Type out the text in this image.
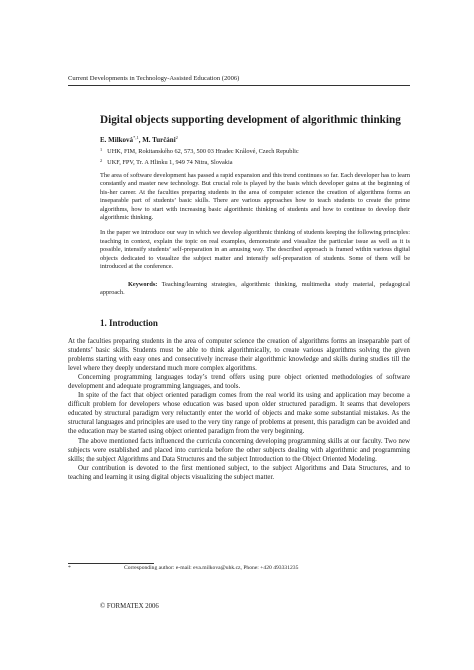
Current Developments in Technology-Assisted Education (2006)
Digital objects supporting development of algorithmic thinking
E. Milková$^{*,1}$, M. Turčáni$^2$
$^1$ UHK, FIM, Rokitanského 62, 573, 500 03 Hradec Králové, Czech Republic
$^2$ UKF, FPV, Tr. A Hlinku 1, 949 74 Nitra, Slovakia

The area of software development has passed a rapid expansion and this trend continues so far. Each developer has to learn constantly and master new technology. But crucial role is played by the basis which developer gains at the beginning of his-her career. At the faculties preparing students in the area of computer science the creation of algorithms forms an inseparable part of students’ basic skills. There are various approaches how to teach students to create the prime algorithms, how to start with increasing basic algorithmic thinking of students and how to continue to develop their algorithmic thinking.

In the paper we introduce our way in which we develop algorithmic thinking of students keeping the following principles: teaching in context, explain the topic on real examples, demonstrate and visualize the particular issue as well as it is possible, intensify students’ self-preparation in an amusing way. The described approach is framed within various digital objects dedicated to visualize the subject matter and intensify self-preparation of students. Some of them will be introduced at the conference.

Keywords: Teaching/learning strategies, algorithmic thinking, multimedia study material, pedagogical approach.
1. Introduction

At the faculties preparing students in the area of computer science the creation of algorithms forms an inseparable part of students’ basic skills. Students must be able to think algorithmically, to create various algorithms solving the given problems starting with easy ones and consecutively increase their algorithmic knowledge and skills during studies till the level where they deeply understand much more complex algorithms.

Concerning programming languages today’s trend offers using pure object oriented methodologies of software development and adequate programming languages, and tools.

In spite of the fact that object oriented paradigm comes from the real world its using and application may become a difficult problem for developers whose education was based upon older structured paradigm. It seams that developers educated by structural paradigm very reluctantly enter the world of objects and make some substantial mistakes. As the structural languages and principles are used to the very tiny range of problems at present, this paradigm can be avoided and the education may be started using object oriented paradigm from the very beginning.

The above mentioned facts influenced the curricula concerning developing programming skills at our faculty. Two new subjects were established and placed into curricula before the other subjects dealing with algorithmic and programming skills; the subject Algorithms and Data Structures and the subject Introduction to the Object Oriented Modeling.

Our contribution is devoted to the first mentioned subject, to the subject Algorithms and Data Structures, and to teaching and learning it using digital objects visualizing the subject matter.

*	Corresponding author: e-mail: eva.milkova@uhk.cz, Phone: +420 493331235
© FORMATEX 2006
